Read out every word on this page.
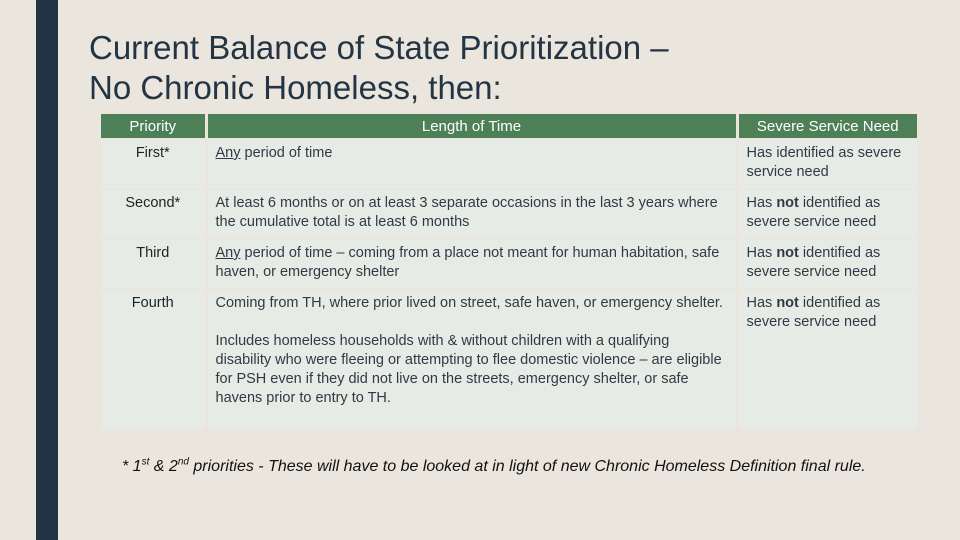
Current Balance of State Prioritization –
No Chronic Homeless, then:
Priority	Length of Time	Severe Service Need
First*	Any period of time	Has identified as severe service need
Second*	At least 6 months or on at least 3 separate occasions in the last 3 years where the cumulative total is at least 6 months	Has not identified as severe service need
Third	Any period of time – coming from a place not meant for human habitation, safe haven, or emergency shelter	Has not identified as severe service need
Fourth	Coming from TH, where prior lived on street, safe haven, or emergency shelter.
Includes homeless households with & without children with a qualifying disability who were fleeing or attempting to flee domestic violence – are eligible for PSH even if they did not live on the streets, emergency shelter, or safe havens prior to entry to TH.	Has not identified as severe service need
* 1st & 2nd priorities - These will have to be looked at in light of new Chronic Homeless Definition final rule.
